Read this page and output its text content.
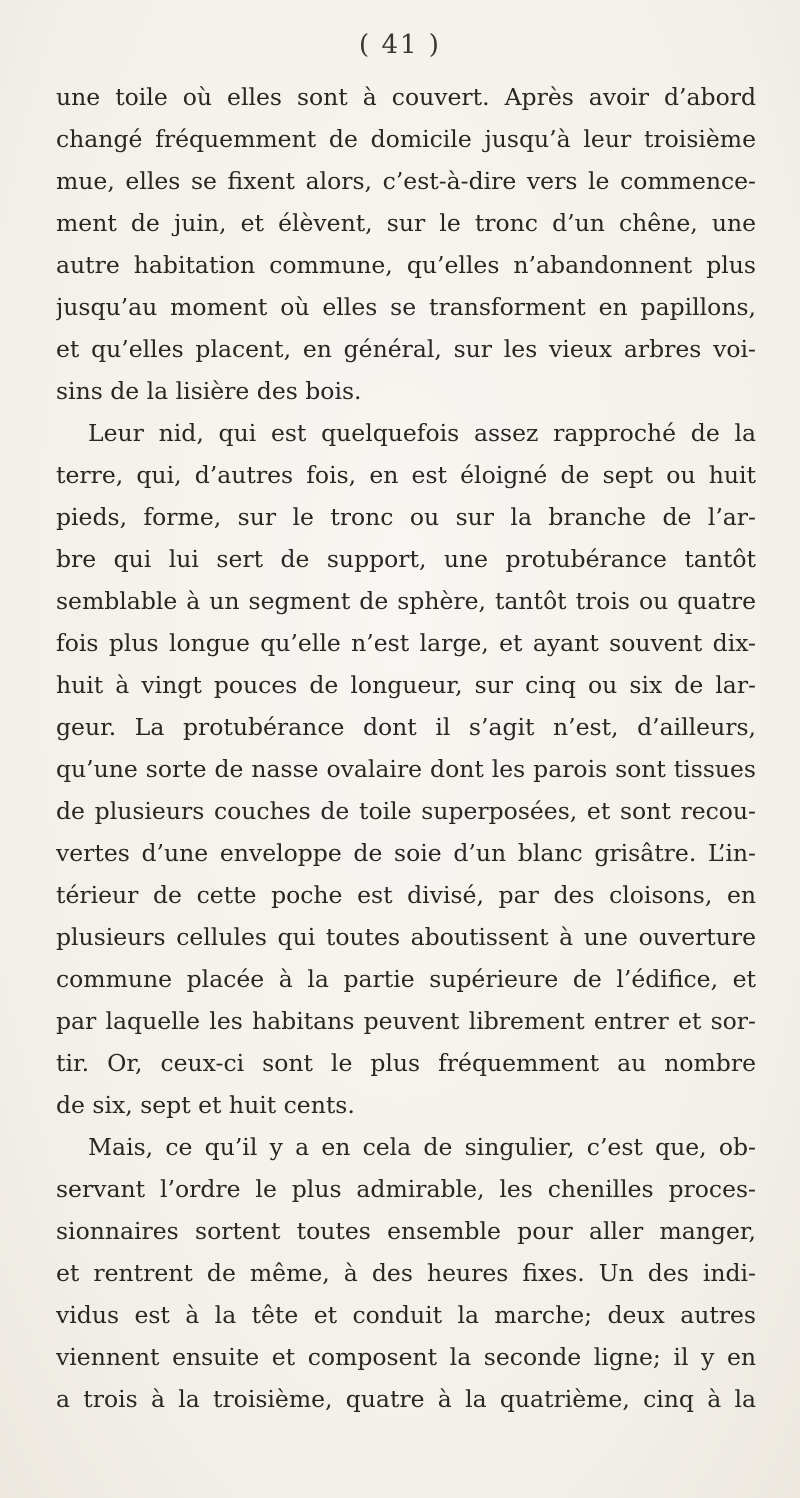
( 41 )
une toile où elles sont à couvert. Après avoir d’abord
changé fréquemment de domicile jusqu’à leur troisième
mue, elles se fixent alors, c’est-à-dire vers le commence-
ment de juin, et élèvent, sur le tronc d’un chêne, une
autre habitation commune, qu’elles n’abandonnent plus
jusqu’au moment où elles se transforment en papillons,
et qu’elles placent, en général, sur les vieux arbres voi-
sins de la lisière des bois.
Leur nid, qui est quelquefois assez rapproché de la
terre, qui, d’autres fois, en est éloigné de sept ou huit
pieds, forme, sur le tronc ou sur la branche de l’ar-
bre qui lui sert de support, une protubérance tantôt
semblable à un segment de sphère, tantôt trois ou quatre
fois plus longue qu’elle n’est large, et ayant souvent dix-
huit à vingt pouces de longueur, sur cinq ou six de lar-
geur. La protubérance dont il s’agit n’est, d’ailleurs,
qu’une sorte de nasse ovalaire dont les parois sont tissues
de plusieurs couches de toile superposées, et sont recou-
vertes d’une enveloppe de soie d’un blanc grisâtre. L’in-
térieur de cette poche est divisé, par des cloisons, en
plusieurs cellules qui toutes aboutissent à une ouverture
commune placée à la partie supérieure de l’édifice, et
par laquelle les habitans peuvent librement entrer et sor-
tir. Or, ceux-ci sont le plus fréquemment au nombre
de six, sept et huit cents.
Mais, ce qu’il y a en cela de singulier, c’est que, ob-
servant l’ordre le plus admirable, les chenilles proces-
sionnaires sortent toutes ensemble pour aller manger,
et rentrent de même, à des heures fixes. Un des indi-
vidus est à la tête et conduit la marche; deux autres
viennent ensuite et composent la seconde ligne; il y en
a trois à la troisième, quatre à la quatrième, cinq à la
